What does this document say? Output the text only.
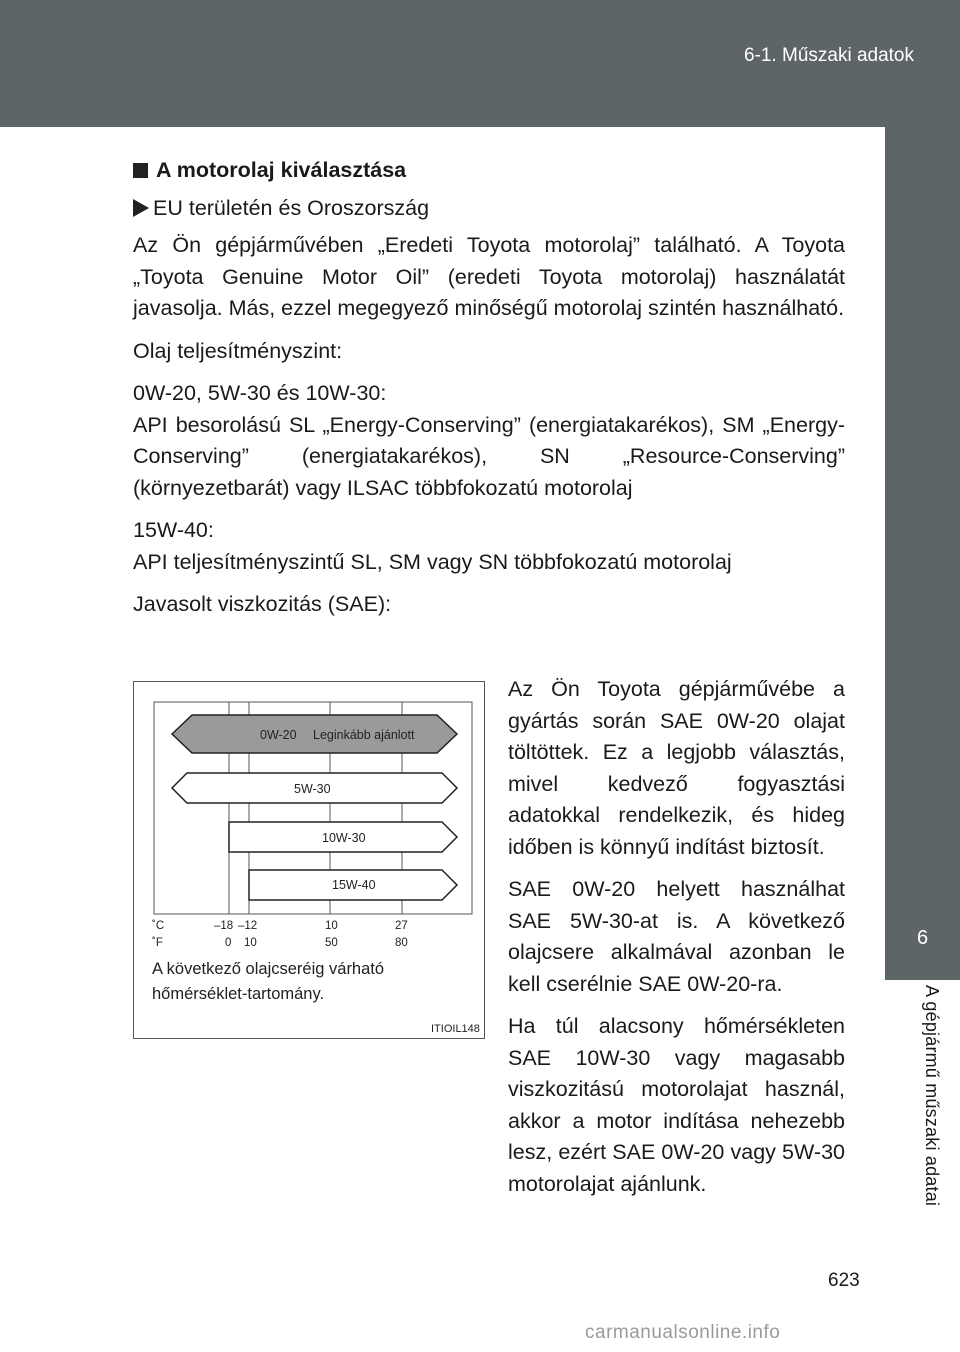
6-1. Műszaki adatok
6
A gépjármű műszaki adatai
A motorolaj kiválasztása
EU területén és Oroszország

Az Ön gépjárművében „Eredeti Toyota motorolaj” található. A Toyota „Toyota Genuine Motor Oil” (eredeti Toyota motorolaj) használatát javasolja. Más, ezzel megegyező minőségű motorolaj szintén használható.

Olaj teljesítményszint:

0W-20, 5W-30 és 10W-30:

API besorolású SL „Energy-Conserving” (energiatakarékos), SM „Energy-Conserving” (energiatakarékos), SN „Resource-Conserving” (környezetbarát) vagy ILSAC többfokozatú motorolaj

15W-40:

API teljesítményszintű SL, SM vagy SN többfokozatú motorolaj

Javasolt viszkozitás (SAE):

0W-20 Leginkább ajánlott
5W-30
10W-30
15W-40
˚C	–18 –12	10	27
˚F	0 10	50	80
A következő olajcseréig várható
hőmérséklet-tartomány.
ITIOIL148

Az Ön Toyota gépjárművébe a gyártás során SAE 0W-20 olajat töltöttek. Ez a legjobb választás, mivel kedvező fogyasztási adatokkal rendelkezik, és hideg időben is könnyű indítást biztosít.

SAE 0W-20 helyett használhat SAE 5W-30-at is. A következő olajcsere alkalmával azonban le kell cserélnie SAE 0W-20-ra.

Ha túl alacsony hőmérsékleten SAE 10W-30 vagy magasabb viszkozitású motorolajat használ, akkor a motor indítása nehezebb lesz, ezért SAE 0W-20 vagy 5W-30 motorolajat ajánlunk.

623
carmanualsonline.info
